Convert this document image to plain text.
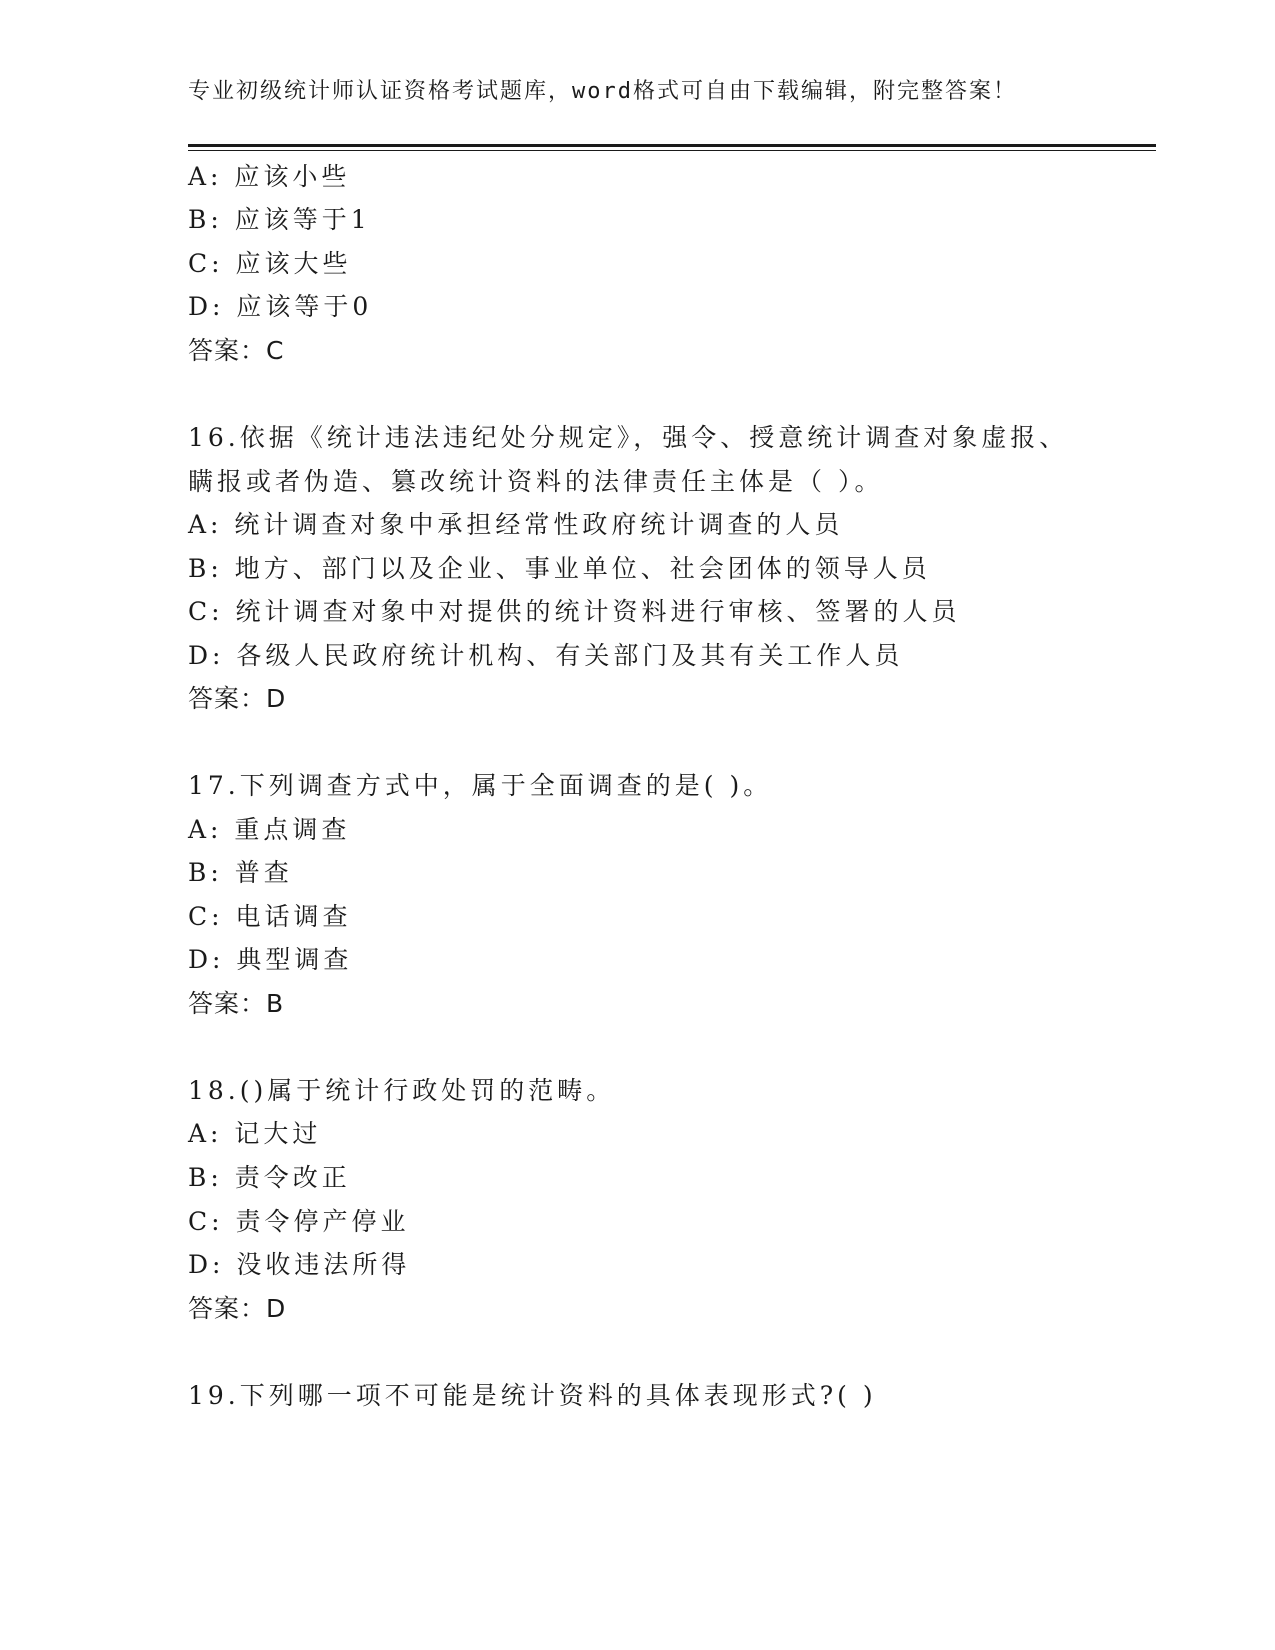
专业初级统计师认证资格考试题库，word格式可自由下载编辑，附完整答案！
A: 应该小些
B: 应该等于1
C: 应该大些
D: 应该等于0
答案：C
16.依据《统计违法违纪处分规定》，强令、授意统计调查对象虚报、
瞒报或者伪造、篡改统计资料的法律责任主体是（ ）。
A: 统计调查对象中承担经常性政府统计调查的人员
B: 地方、部门以及企业、事业单位、社会团体的领导人员
C: 统计调查对象中对提供的统计资料进行审核、签署的人员
D: 各级人民政府统计机构、有关部门及其有关工作人员
答案：D
17.下列调查方式中，属于全面调查的是( )。
A: 重点调查
B: 普查
C: 电话调查
D: 典型调查
答案：B
18.()属于统计行政处罚的范畴。
A: 记大过
B: 责令改正
C: 责令停产停业
D: 没收违法所得
答案：D
19.下列哪一项不可能是统计资料的具体表现形式?( )
